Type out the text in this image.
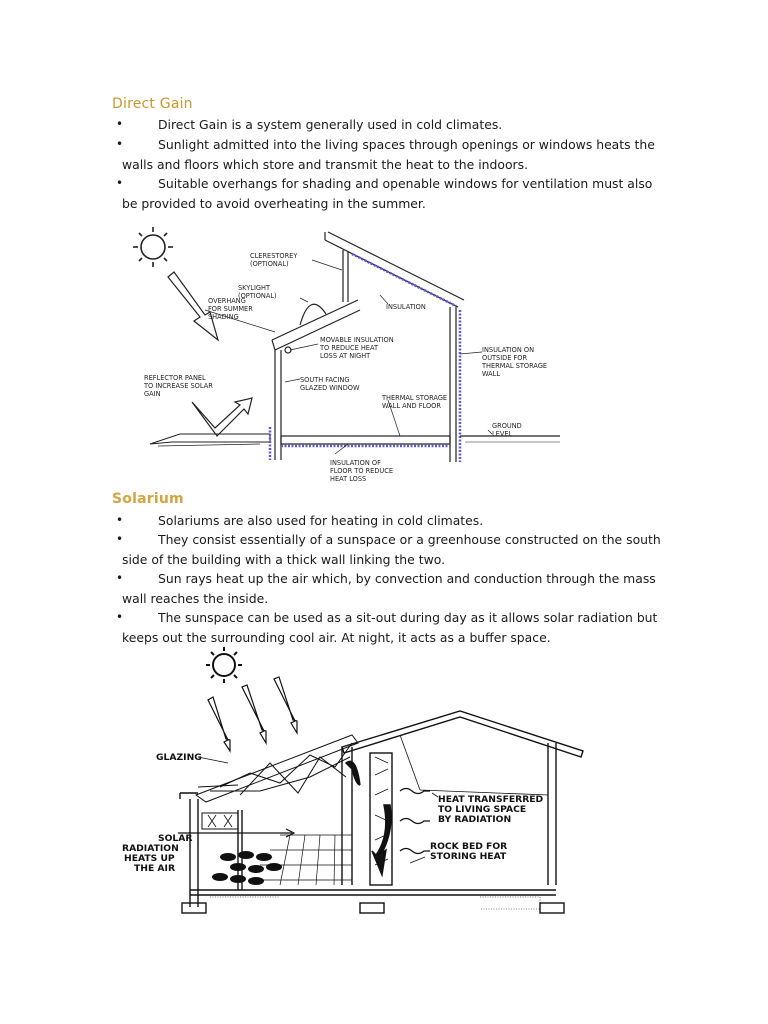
Direct Gain
•	Direct Gain is a system generally used in cold climates.
•	Sunlight admitted into the living spaces through openings or windows heats the walls and floors which store and transmit the heat to the indoors.
•	Suitable overhangs for shading and openable windows for ventilation must also be provided to avoid overheating in the summer.
CLERESTOREY
(OPTIONAL)
SKYLIGHT
(OPTIONAL)
OVERHANG
FOR SUMMER
SHADING
INSULATION
MOVABLE INSULATION
TO REDUCE HEAT
LOSS AT NIGHT
INSULATION ON
OUTSIDE FOR
THERMAL STORAGE
WALL
REFLECTOR PANEL
TO INCREASE SOLAR
GAIN
SOUTH FACING
GLAZED WINDOW
THERMAL STORAGE
WALL AND FLOOR
GROUND
LEVEL
INSULATION OF
FLOOR TO REDUCE
HEAT LOSS
Solarium
•	Solariums are also used for heating in cold climates.
•	They consist essentially of a sunspace or a greenhouse constructed on the south side of the building with a thick wall linking the two.
•	Sun rays heat up the air which, by convection and conduction through the mass wall reaches the inside.
•	The sunspace can be used as a sit-out during day as it allows solar radiation but keeps out the surrounding cool air. At night, it acts as a buffer space.
GLAZING
SOLAR
RADIATION
HEATS UP
THE AIR
HEAT TRANSFERRED
TO LIVING SPACE
BY RADIATION
ROCK BED FOR
STORING HEAT
